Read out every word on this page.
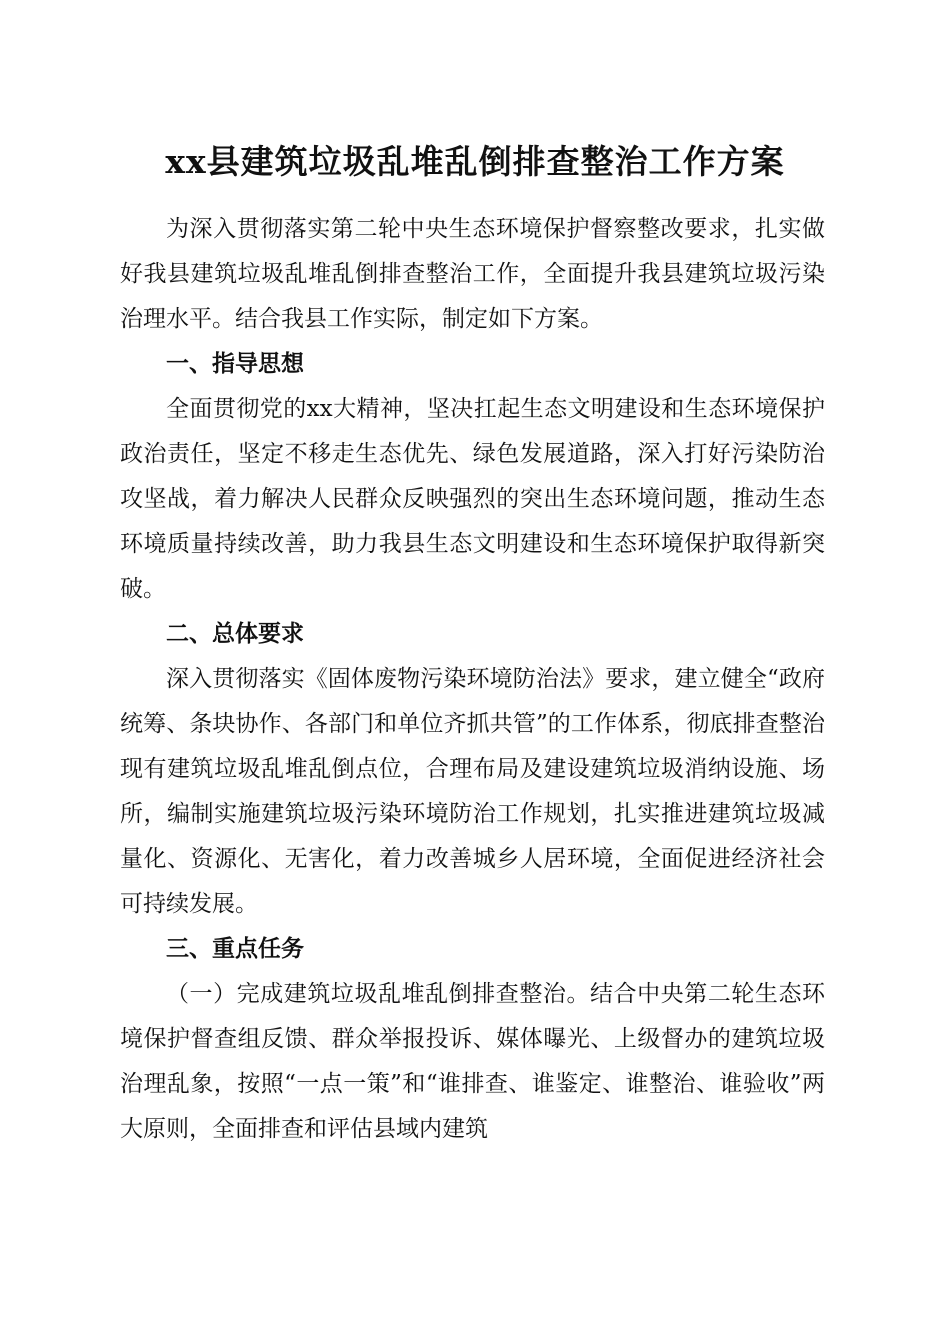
xx县建筑垃圾乱堆乱倒排查整治工作方案

为深入贯彻落实第二轮中央生态环境保护督察整改要求，扎实做好我县建筑垃圾乱堆乱倒排查整治工作，全面提升我县建筑垃圾污染治理水平。结合我县工作实际，制定如下方案。

一、指导思想

全面贯彻党的xx大精神，坚决扛起生态文明建设和生态环境保护政治责任，坚定不移走生态优先、绿色发展道路，深入打好污染防治攻坚战，着力解决人民群众反映强烈的突出生态环境问题，推动生态环境质量持续改善，助力我县生态文明建设和生态环境保护取得新突破。

二、总体要求

深入贯彻落实《固体废物污染环境防治法》要求，建立健全“政府统筹、条块协作、各部门和单位齐抓共管”的工作体系，彻底排查整治现有建筑垃圾乱堆乱倒点位，合理布局及建设建筑垃圾消纳设施、场所，编制实施建筑垃圾污染环境防治工作规划，扎实推进建筑垃圾减量化、资源化、无害化，着力改善城乡人居环境，全面促进经济社会可持续发展。

三、重点任务

（一）完成建筑垃圾乱堆乱倒排查整治。结合中央第二轮生态环境保护督查组反馈、群众举报投诉、媒体曝光、上级督办的建筑垃圾治理乱象，按照“一点一策”和“谁排查、谁鉴定、谁整治、谁验收”两大原则，全面排查和评估县域内建筑
